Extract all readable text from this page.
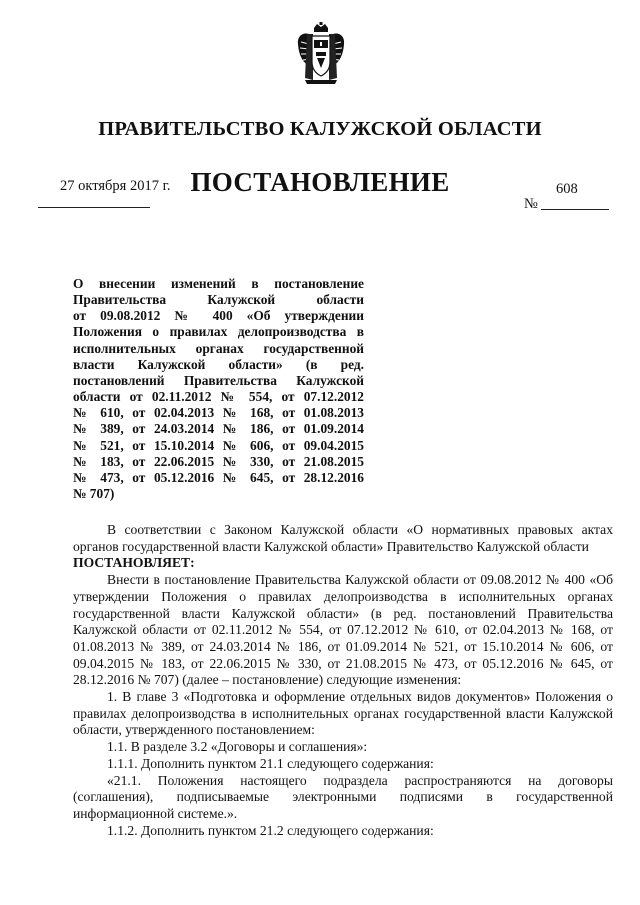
ПРАВИТЕЛЬСТВО КАЛУЖСКОЙ ОБЛАСТИ
ПОСТАНОВЛЕНИЕ
27 октября 2017 г.	608
№
О внесении изменений в постановление
Правительства Калужской области
от 09.08.2012 № 400 «Об утверждении
Положения о правилах делопроизводства в
исполнительных органах государственной
власти Калужской области» (в ред.
постановлений Правительства Калужской
области от 02.11.2012 № 554, от 07.12.2012
№ 610, от 02.04.2013 № 168, от 01.08.2013
№ 389, от 24.03.2014 № 186, от 01.09.2014
№ 521, от 15.10.2014 № 606, от 09.04.2015
№ 183, от 22.06.2015 № 330, от 21.08.2015
№ 473, от 05.12.2016 № 645, от 28.12.2016
№ 707)
В соответствии с Законом Калужской области «О нормативных правовых актах
органов государственной власти Калужской области» Правительство Калужской области
ПОСТАНОВЛЯЕТ:
Внести в постановление Правительства Калужской области от 09.08.2012 № 400 «Об
утверждении Положения о правилах делопроизводства в исполнительных органах
государственной власти Калужской области» (в ред. постановлений Правительства
Калужской области от 02.11.2012 № 554, от 07.12.2012 № 610, от 02.04.2013 № 168, от
01.08.2013 № 389, от 24.03.2014 № 186, от 01.09.2014 № 521, от 15.10.2014 № 606, от
09.04.2015 № 183, от 22.06.2015 № 330, от 21.08.2015 № 473, от 05.12.2016 № 645, от
28.12.2016 № 707) (далее – постановление) следующие изменения:
1. В главе 3 «Подготовка и оформление отдельных видов документов» Положения о
правилах делопроизводства в исполнительных органах государственной власти Калужской
области, утвержденного постановлением:

1.1. В разделе 3.2 «Договоры и соглашения»:

1.1.1. Дополнить пунктом 21.1 следующего содержания:

«21.1. Положения настоящего подраздела распространяются на договоры
(соглашения), подписываемые электронными подписями в государственной
информационной системе.».

1.1.2. Дополнить пунктом 21.2 следующего содержания:
